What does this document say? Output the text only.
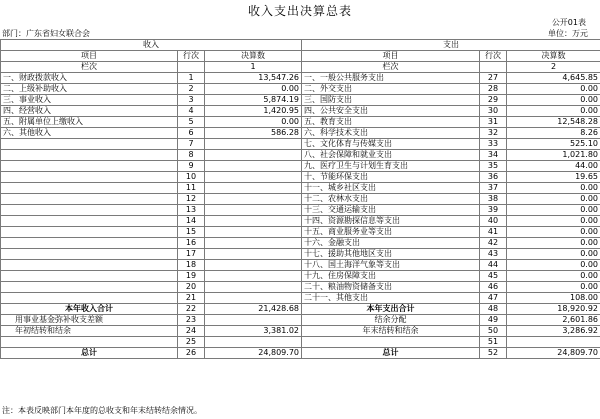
收入支出决算总表
公开01表
部门：广东省妇女联合会	单位：万元
收入			支出		
项目	行次	决算数	项目	行次	决算数
栏次		1	栏次		2
一、财政拨款收入	1	13,547.26	一、一般公共服务支出	27	4,645.85
二、上级补助收入	2	0.00	二、外交支出	28	0.00
三、事业收入	3	5,874.19	三、国防支出	29	0.00
四、经营收入	4	1,420.95	四、公共安全支出	30	0.00
五、附属单位上缴收入	5	0.00	五、教育支出	31	12,548.28
六、其他收入	6	586.28	六、科学技术支出	32	8.26
	7		七、文化体育与传媒支出	33	525.10
	8		八、社会保障和就业支出	34	1,021.80
	9		九、医疗卫生与计划生育支出	35	44.00
	10		十、节能环保支出	36	19.65
	11		十一、城乡社区支出	37	0.00
	12		十二、农林水支出	38	0.00
	13		十三、交通运输支出	39	0.00
	14		十四、资源勘探信息等支出	40	0.00
	15		十五、商业服务业等支出	41	0.00
	16		十六、金融支出	42	0.00
	17		十七、援助其他地区支出	43	0.00
	18		十八、国土海洋气象等支出	44	0.00
	19		十九、住房保障支出	45	0.00
	20		二十、粮油物资储备支出	46	0.00
	21		二十一、其他支出	47	108.00
本年收入合计	22	21,428.68	本年支出合计	48	18,920.92
用事业基金弥补收支差额	23		结余分配	49	2,601.86
年初结转和结余	24	3,381.02	年末结转和结余	50	3,286.92
	25			51	
总计	26	24,809.70	总计	52	24,809.70
注：本表反映部门本年度的总收支和年末结转结余情况。
